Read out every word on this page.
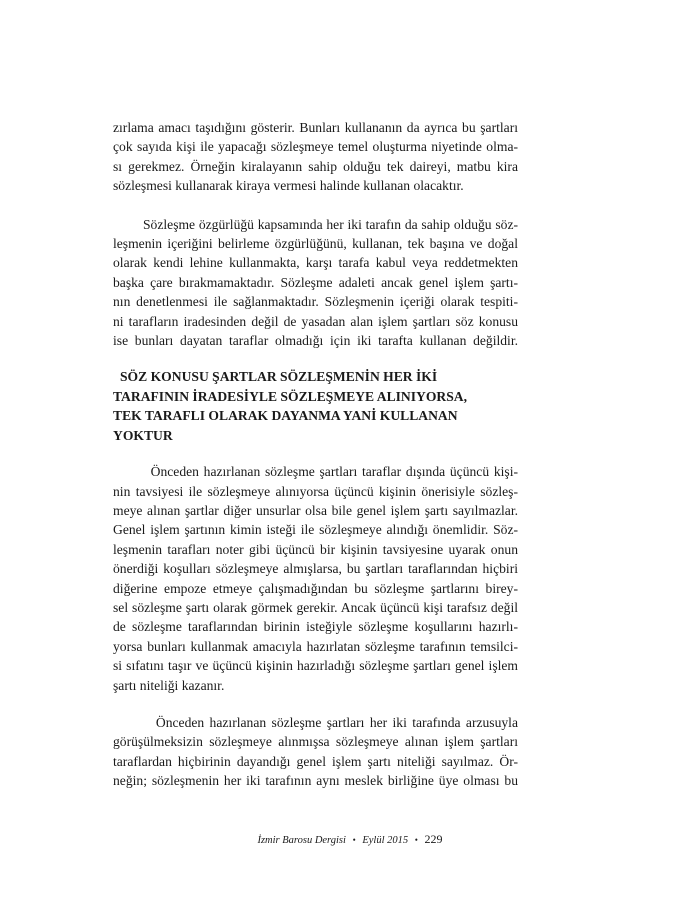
zırlama amacı taşıdığını gösterir. Bunları kullananın da ayrıca bu şartları
çok sayıda kişi ile yapacağı sözleşmeye temel oluşturma niyetinde olma-
sı gerekmez. Örneğin kiralayanın sahip olduğu tek daireyi, matbu kira
sözleşmesi kullanarak kiraya vermesi halinde kullanan olacaktır.

Sözleşme özgürlüğü kapsamında her iki tarafın da sahip olduğu söz-
leşmenin içeriğini belirleme özgürlüğünü, kullanan, tek başına ve doğal
olarak kendi lehine kullanmakta, karşı tarafa kabul veya reddetmekten
başka çare bırakmamaktadır. Sözleşme adaleti ancak genel işlem şartı-
nın denetlenmesi ile sağlanmaktadır. Sözleşmenin içeriği olarak tespiti-
ni tarafların iradesinden değil de yasadan alan işlem şartları söz konusu
ise bunları dayatan taraflar olmadığı için iki tarafta kullanan değildir.

SÖZ KONUSU ŞARTLAR SÖZLEŞMENİN HER İKİ
TARAFININ İRADESİYLE SÖZLEŞMEYE ALINIYORSA,
TEK TARAFLI OLARAK DAYANMA YANİ KULLANAN
YOKTUR

Önceden hazırlanan sözleşme şartları taraflar dışında üçüncü kişi-
nin tavsiyesi ile sözleşmeye alınıyorsa üçüncü kişinin önerisiyle sözleş-
meye alınan şartlar diğer unsurlar olsa bile genel işlem şartı sayılmazlar.
Genel işlem şartının kimin isteği ile sözleşmeye alındığı önemlidir. Söz-
leşmenin tarafları noter gibi üçüncü bir kişinin tavsiyesine uyarak onun
önerdiği koşulları sözleşmeye almışlarsa, bu şartları taraflarından hiçbiri
diğerine empoze etmeye çalışmadığından bu sözleşme şartlarını birey-
sel sözleşme şartı olarak görmek gerekir. Ancak üçüncü kişi tarafsız değil
de sözleşme taraflarından birinin isteğiyle sözleşme koşullarını hazırlı-
yorsa bunları kullanmak amacıyla hazırlatan sözleşme tarafının temsilci-
si sıfatını taşır ve üçüncü kişinin hazırladığı sözleşme şartları genel işlem
şartı niteliği kazanır.

Önceden hazırlanan sözleşme şartları her iki tarafında arzusuyla
görüşülmeksizin sözleşmeye alınmışsa sözleşmeye alınan işlem şartları
taraflardan hiçbirinin dayandığı genel işlem şartı niteliği sayılmaz. Ör-
neğin; sözleşmenin her iki tarafının aynı meslek birliğine üye olması bu

İzmir Barosu Dergisi • Eylül 2015 • 229
